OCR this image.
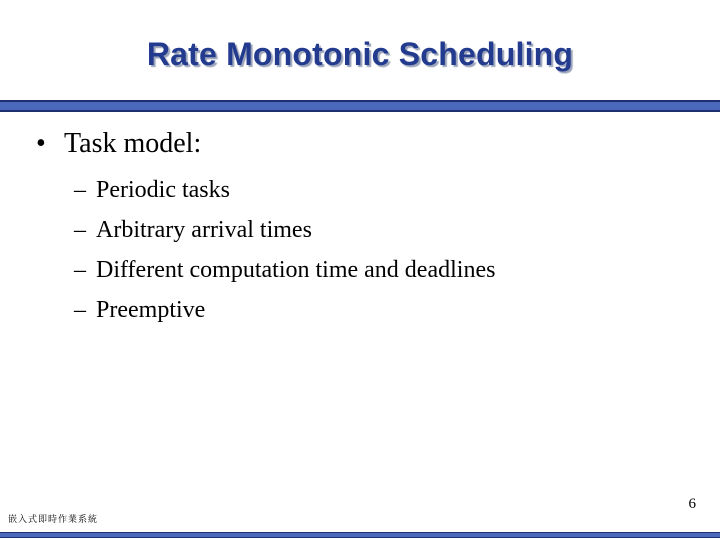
Rate Monotonic Scheduling
• Task model:
– Periodic tasks
– Arbitrary arrival times
– Different computation time and deadlines
– Preemptive
6
嵌入式即時作業系統
